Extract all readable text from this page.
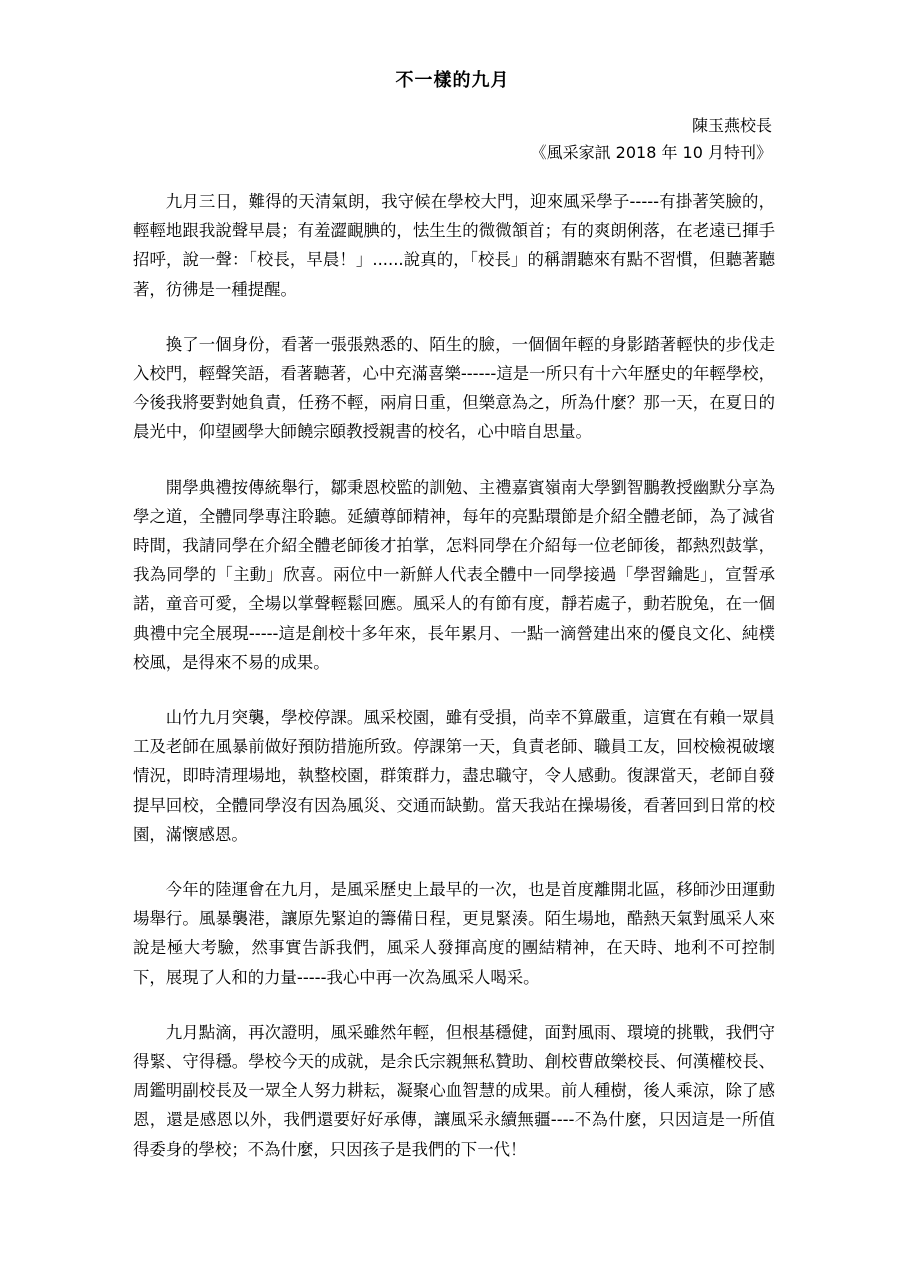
不一樣的九月
陳玉燕校長
《風采家訊 2018 年 10 月特刊》

九月三日，難得的天清氣朗，我守候在學校大門，迎來風采學子-----有掛著笑臉的，輕輕地跟我說聲早晨；有羞澀靦腆的，怯生生的微微頷首；有的爽朗俐落，在老遠已揮手招呼，說一聲：「校長，早晨！」......說真的，「校長」的稱謂聽來有點不習慣，但聽著聽著，彷彿是一種提醒。

換了一個身份，看著一張張熟悉的、陌生的臉，一個個年輕的身影踏著輕快的步伐走入校門，輕聲笑語，看著聽著，心中充滿喜樂------這是一所只有十六年歷史的年輕學校，今後我將要對她負責，任務不輕，兩肩日重，但樂意為之，所為什麼？那一天，在夏日的晨光中，仰望國學大師饒宗頤教授親書的校名，心中暗自思量。

開學典禮按傳統舉行，鄒秉恩校監的訓勉、主禮嘉賓嶺南大學劉智鵬教授幽默分享為學之道，全體同學專注聆聽。延續尊師精神，每年的亮點環節是介紹全體老師，為了減省時間，我請同學在介紹全體老師後才拍掌，怎料同學在介紹每一位老師後，都熱烈鼓掌，我為同學的「主動」欣喜。兩位中一新鮮人代表全體中一同學接過「學習鑰匙」，宣誓承諾，童音可愛，全場以掌聲輕鬆回應。風采人的有節有度，靜若處子，動若脫兔，在一個典禮中完全展現-----這是創校十多年來，長年累月、一點一滴營建出來的優良文化、純樸校風，是得來不易的成果。

山竹九月突襲，學校停課。風采校園，雖有受損，尚幸不算嚴重，這實在有賴一眾員工及老師在風暴前做好預防措施所致。停課第一天，負責老師、職員工友，回校檢視破壞情況，即時清理場地，執整校園，群策群力，盡忠職守，令人感動。復課當天，老師自發提早回校，全體同學沒有因為風災、交通而缺勤。當天我站在操場後，看著回到日常的校園，滿懷感恩。

今年的陸運會在九月，是風采歷史上最早的一次，也是首度離開北區，移師沙田運動場舉行。風暴襲港，讓原先緊迫的籌備日程，更見緊湊。陌生場地，酷熱天氣對風采人來說是極大考驗，然事實告訴我們，風采人發揮高度的團結精神，在天時、地利不可控制下，展現了人和的力量-----我心中再一次為風采人喝采。

九月點滴，再次證明，風采雖然年輕，但根基穩健，面對風雨、環境的挑戰，我們守得緊、守得穩。學校今天的成就，是余氏宗親無私贊助、創校曹啟樂校長、何漢權校長、周鑑明副校長及一眾全人努力耕耘，凝聚心血智慧的成果。前人種樹，後人乘涼，除了感恩，還是感恩以外，我們還要好好承傳，讓風采永續無疆----不為什麼，只因這是一所值得委身的學校；不為什麼，只因孩子是我們的下一代！
